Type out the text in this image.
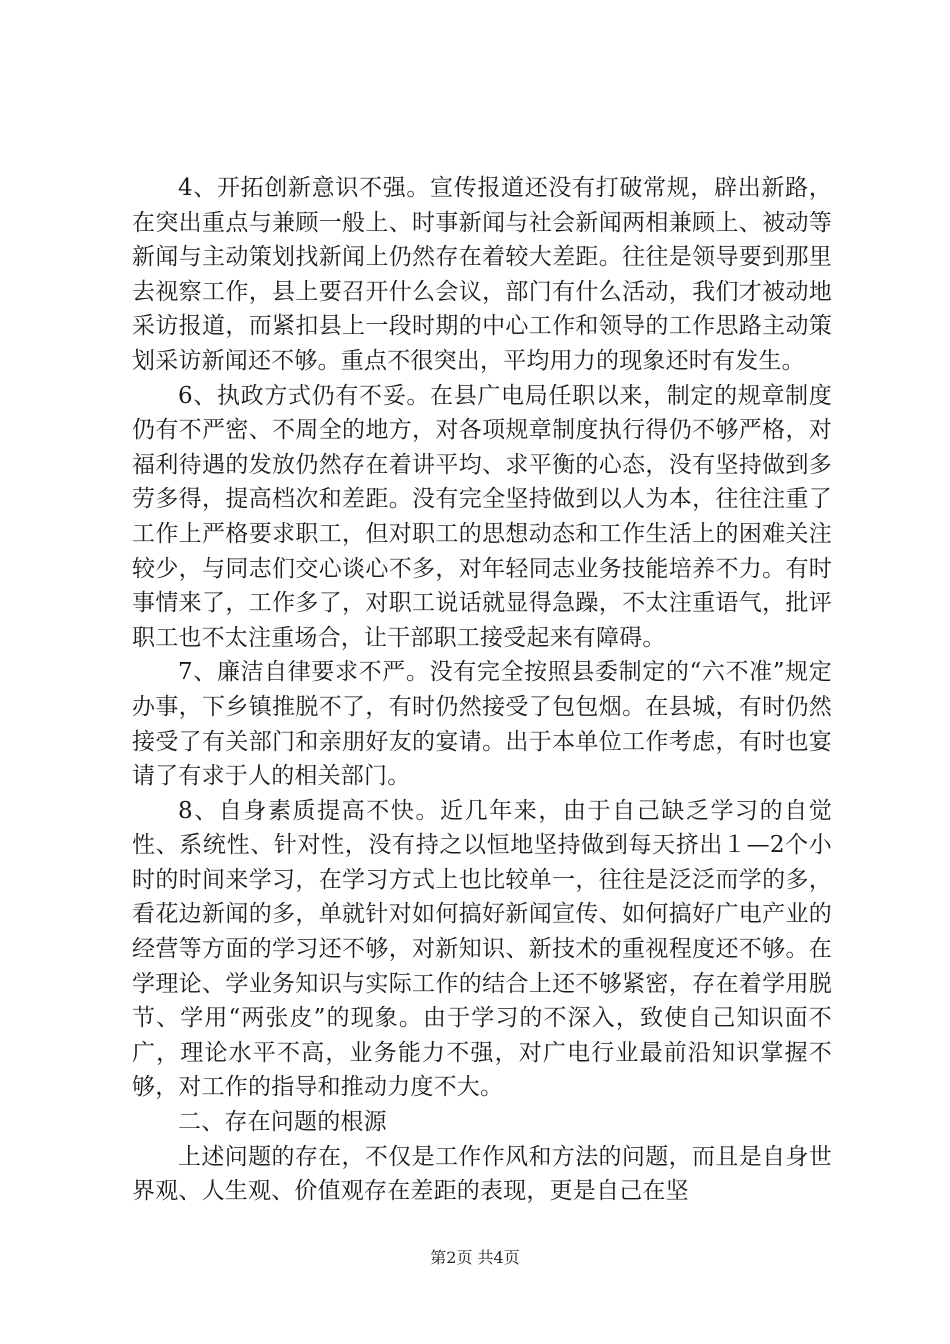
4、开拓创新意识不强。宣传报道还没有打破常规，辟出新路，在突出重点与兼顾一般上、时事新闻与社会新闻两相兼顾上、被动等新闻与主动策划找新闻上仍然存在着较大差距。往往是领导要到那里去视察工作，县上要召开什么会议，部门有什么活动，我们才被动地采访报道，而紧扣县上一段时期的中心工作和领导的工作思路主动策划采访新闻还不够。重点不很突出，平均用力的现象还时有发生。

6、执政方式仍有不妥。在县广电局任职以来，制定的规章制度仍有不严密、不周全的地方，对各项规章制度执行得仍不够严格，对福利待遇的发放仍然存在着讲平均、求平衡的心态，没有坚持做到多劳多得，提高档次和差距。没有完全坚持做到以人为本，往往注重了工作上严格要求职工，但对职工的思想动态和工作生活上的困难关注较少，与同志们交心谈心不多，对年轻同志业务技能培养不力。有时事情来了，工作多了，对职工说话就显得急躁，不太注重语气，批评职工也不太注重场合，让干部职工接受起来有障碍。

7、廉洁自律要求不严。没有完全按照县委制定的“六不准”规定办事，下乡镇推脱不了，有时仍然接受了包包烟。在县城，有时仍然接受了有关部门和亲朋好友的宴请。出于本单位工作考虑，有时也宴请了有求于人的相关部门。

8、自身素质提高不快。近几年来，由于自己缺乏学习的自觉性、系统性、针对性，没有持之以恒地坚持做到每天挤出１—2个小时的时间来学习，在学习方式上也比较单一，往往是泛泛而学的多，看花边新闻的多，单就针对如何搞好新闻宣传、如何搞好广电产业的经营等方面的学习还不够，对新知识、新技术的重视程度还不够。在学理论、学业务知识与实际工作的结合上还不够紧密，存在着学用脱节、学用“两张皮”的现象。由于学习的不深入，致使自己知识面不广，理论水平不高，业务能力不强，对广电行业最前沿知识掌握不够，对工作的指导和推动力度不大。

二、存在问题的根源

上述问题的存在，不仅是工作作风和方法的问题，而且是自身世界观、人生观、价值观存在差距的表现，更是自己在坚

第2页 共4页
